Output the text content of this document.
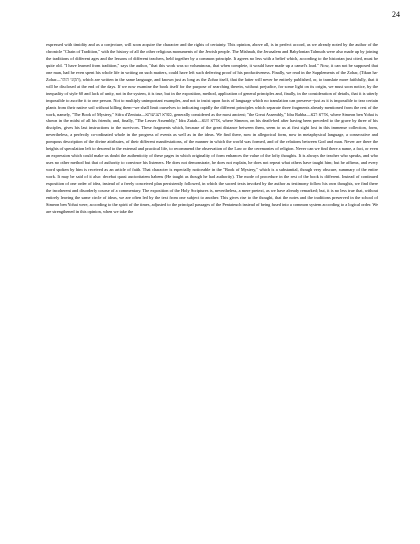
24

expressed with timidity and as a conjecture, will soon acquire the character and the rights of certainty. This opinion, above all, is in perfect accord, as we already noted by the author of the chronicle "Chain of Tradition," with the history of all the other religious monuments of the Jewish people. The Mishnah, the Jerusalem and Babylonian Talmuds were also made up by joining the traditions of different ages and the lessons of different teachers, held together by a common principle. It agrees no less with a belief which, according to the historian just cited, must be quite old. "I have learned from tradition," says the author, "that this work was so voluminous, that when complete, it would have made up a camel's load." Now, it can not be supposed that one man, had he even spent his whole life in writing on such matters, could have left such deferring proof of his productiveness. Finally, we read in the Supplements of the Zohar, (Tikun ha-Zohar—תקוני הזהר), which are written in the same language, and known just as long as the Zohar itself, that the latter will never be entirely published, or, to translate more faithfully, that it will be disclosed at the end of the days. If we now examine the book itself for the purpose of searching therein, without prejudice, for some light on its origin, we must soon notice, by the inequality of style 60 and lack of unity, not in the system, it is true, but in the exposition, method, application of general principles and, finally, in the consideration of details, that it is utterly impossible to ascribe it to one person. Not to multiply unimportant examples, and not to insist upon facts of language which no translation can preserve--just as it is impossible to tear certain plants from their native soil without killing them--we shall limit ourselves to indicating rapidly the different principles which separate three fragments already mentioned from the rest of the work, namely, "The Book of Mystery," Sifra d'Zeniuta—ספרא דצניעותא, generally considered as the most ancient; "the Great Assembly," Idra Rabba—אדרא רבא, where Simeon ben Yohai is shown in the midst of all his friends; and, finally, "The Lesser Assembly," Idra Zutah—אדרא זוטא, where Simeon, on his death-bed after having been preceded to the grave by three of his disciples, gives his last instructions to the survivors. These fragments which, because of the great distance between them, seem to us at first sight lost in this immense collection, form, nevertheless, a perfectly co-ordinated whole in the progress of events as well as in the ideas. We find there, now in allegorical form, now in metaphysical language, a consecutive and pompous description of the divine attributes, of their different manifestations, of the manner in which the world was formed, and of the relations between God and man. Never are there the heights of speculation left to descend to the external and practical life, to recommend the observation of the Law or the ceremonies of religion. Never can we find there a name, a fact, or even an expression which could make us doubt the authenticity of these pages in which originality of form enhances the value of the lofty thoughts. It is always the teacher who speaks, and who uses no other method but that of authority to convince his listeners. He does not demonstrate, he does not explain, he does not repeat what others have taught him; but he affirms, and every word spoken by him is received as an article of faith. That character is especially noticeable in the "Book of Mystery," which is a substantial, though very obscure, summary of the entire work. It may be said of it also: decebat quasi auctoritatem habens (He taught as though he had authority). The mode of procedure in the rest of the book is different. Instead of continued exposition of one order of idea, instead of a freely conceived plan persistently followed, in which the sacred texts invoked by the author as testimony follow his own thoughts, we find there the incoherent and disorderly course of a commentary. The exposition of the Holy Scriptures is, nevertheless, a mere pretext, as we have already remarked; but, it is no less true that, without entirely leaving the same circle of ideas, we are often led by the text from one subject to another. This gives rise to the thought, that the notes and the traditions preserved in the school of Simeon ben Yohai were, according to the spirit of the times, adjusted to the principal passages of the Pentateuch instead of being fused into a common system according to a logical order. We are strengthened in this opinion, when we take the
